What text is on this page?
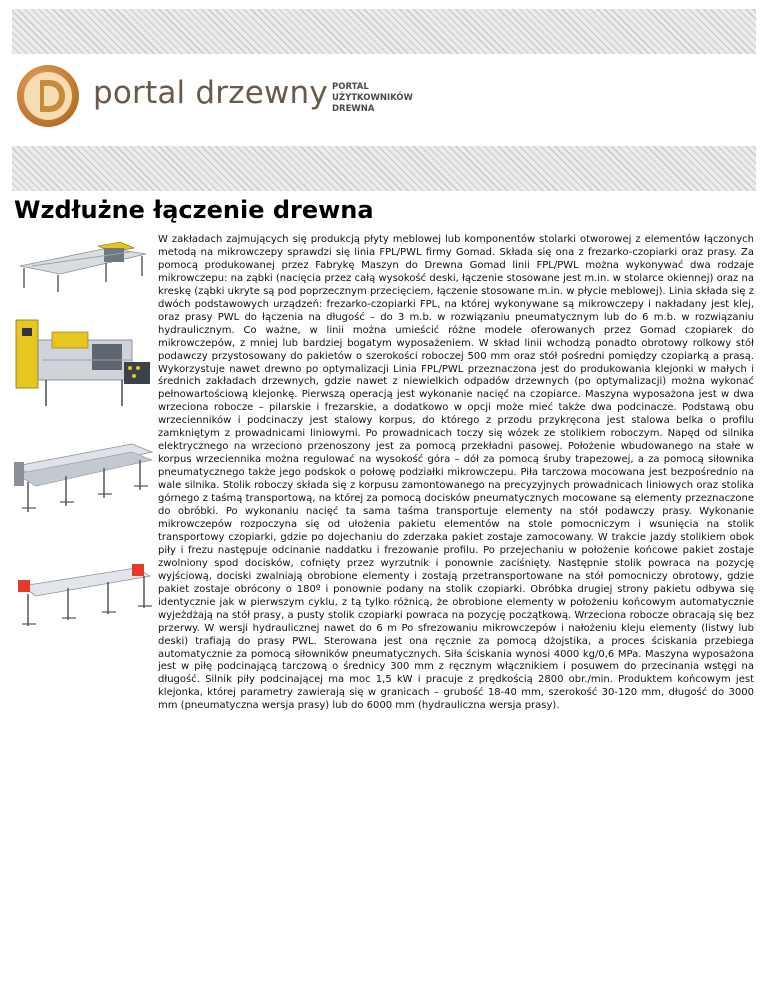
portal drzewny PORTAL
UŻYTKOWNIKÓW
DREWNA
Wzdłużne łączenie drewna

W zakładach zajmujących się produkcją płyty meblowej lub komponentów stolarki otworowej z elementów łączonych metodą na mikrowczepy sprawdzi się linia FPL/PWL firmy Gomad. Składa się ona z frezarko-czopiarki oraz prasy. Za pomocą produkowanej przez Fabrykę Maszyn do Drewna Gomad linii FPL/PWL można wykonywać dwa rodzaje mikrowczepu: na ząbki (nacięcia przez całą wysokość deski, łączenie stosowane jest m.in. w stolarce okiennej) oraz na kreskę (ząbki ukryte są pod poprzecznym przecięciem, łączenie stosowane m.in. w płycie meblowej). Linia składa się z dwóch podstawowych urządzeń: frezarko-czopiarki FPL, na której wykonywane są mikrowczepy i nakładany jest klej, oraz prasy PWL do łączenia na długość – do 3 m.b. w rozwiązaniu pneumatycznym lub do 6 m.b. w rozwiązaniu hydraulicznym. Co ważne, w linii można umieścić różne modele oferowanych przez Gomad czopiarek do mikrowczepów, z mniej lub bardziej bogatym wyposażeniem. W skład linii wchodzą ponadto obrotowy rolkowy stół podawczy przystosowany do pakietów o szerokości roboczej 500 mm oraz stół pośredni pomiędzy czopiarką a prasą. Wykorzystuje nawet drewno po optymalizacji Linia FPL/PWL przeznaczona jest do produkowania klejonki w małych i średnich zakładach drzewnych, gdzie nawet z niewielkich odpadów drzewnych (po optymalizacji) można wykonać pełnowartościową klejonkę. Pierwszą operacją jest wykonanie nacięć na czopiarce. Maszyna wyposażona jest w dwa wrzeciona robocze – pilarskie i frezarskie, a dodatkowo w opcji może mieć także dwa podcinacze. Podstawą obu wrzecienników i podcinaczy jest stalowy korpus, do którego z przodu przykręcona jest stalowa belka o profilu zamkniętym z prowadnicami liniowymi. Po prowadnicach toczy się wózek ze stolikiem roboczym. Napęd od silnika elektrycznego na wrzeciono przenoszony jest za pomocą przekładni pasowej. Położenie wbudowanego na stałe w korpus wrzeciennika można regulować na wysokość góra – dół za pomocą śruby trapezowej, a za pomocą siłownika pneumatycznego także jego podskok o połowę podziałki mikrowczepu. Piła tarczowa mocowana jest bezpośrednio na wale silnika. Stolik roboczy składa się z korpusu zamontowanego na precyzyjnych prowadnicach liniowych oraz stolika górnego z taśmą transportową, na której za pomocą docisków pneumatycznych mocowane są elementy przeznaczone do obróbki. Po wykonaniu nacięć ta sama taśma transportuje elementy na stół podawczy prasy. Wykonanie mikrowczepów rozpoczyna się od ułożenia pakietu elementów na stole pomocniczym i wsunięcia na stolik transportowy czopiarki, gdzie po dojechaniu do zderzaka pakiet zostaje zamocowany. W trakcie jazdy stolikiem obok piły i frezu następuje odcinanie naddatku i frezowanie profilu. Po przejechaniu w położenie końcowe pakiet zostaje zwolniony spod docisków, cofnięty przez wyrzutnik i ponownie zaciśnięty. Następnie stolik powraca na pozycję wyjściową, dociski zwalniają obrobione elementy i zostają przetransportowane na stół pomocniczy obrotowy, gdzie pakiet zostaje obrócony o 180º i ponownie podany na stolik czopiarki. Obróbka drugiej strony pakietu odbywa się identycznie jak w pierwszym cyklu, z tą tylko różnicą, że obrobione elementy w położeniu końcowym automatycznie wyjeżdżają na stół prasy, a pusty stolik czopiarki powraca na pozycję początkową. Wrzeciona robocze obracają się bez przerwy. W wersji hydraulicznej nawet do 6 m Po sfrezowaniu mikrowczepów i nałożeniu kleju elementy (listwy lub deski) trafiają do prasy PWL. Sterowana jest ona ręcznie za pomocą dżojstika, a proces ściskania przebiega automatycznie za pomocą siłowników pneumatycznych. Siła ściskania wynosi 4000 kg/0,6 MPa. Maszyna wyposażona jest w piłę podcinającą tarczową o średnicy 300 mm z ręcznym włącznikiem i posuwem do przecinania wstęgi na długość. Silnik piły podcinającej ma moc 1,5 kW i pracuje z prędkością 2800 obr./min. Produktem końcowym jest klejonka, której parametry zawierają się w granicach – grubość 18-40 mm, szerokość 30-120 mm, długość do 3000 mm (pneumatyczna wersja prasy) lub do 6000 mm (hydrauliczna wersja prasy).
